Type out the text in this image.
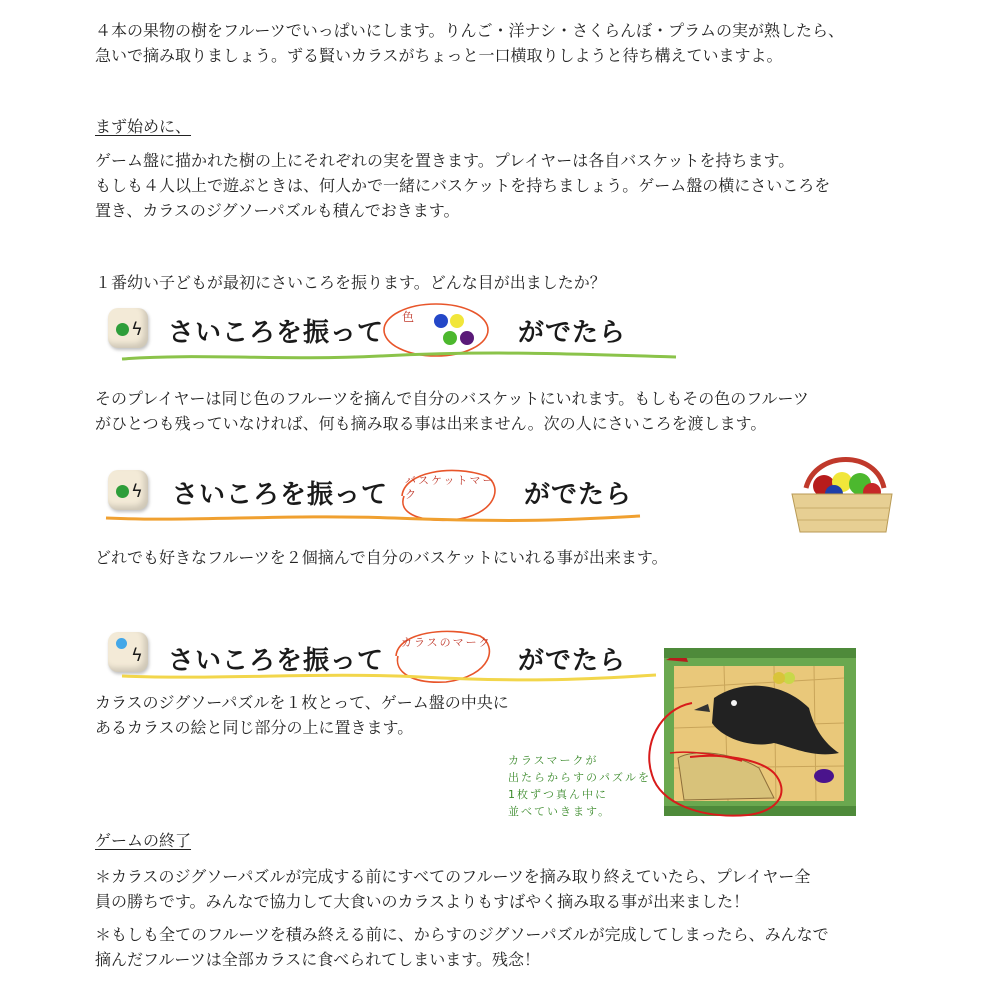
４本の果物の樹をフルーツでいっぱいにします。りんご・洋ナシ・さくらんぼ・プラムの実が熟したら、
急いで摘み取りましょう。ずる賢いカラスがちょっと一口横取りしようと待ち構えていますよ。
まず始めに、
ゲーム盤に描かれた樹の上にそれぞれの実を置きます。プレイヤーは各自バスケットを持ちます。
もしも４人以上で遊ぶときは、何人かで一緒にバスケットを持ちましょう。ゲーム盤の横にさいころを
置き、カラスのジグソーパズルも積んでおきます。
１番幼い子どもが最初にさいころを振ります。どんな目が出ましたか？
ϟ さいころを振って
色
がでたら
そのプレイヤーは同じ色のフルーツを摘んで自分のバスケットにいれます。もしもその色のフルーツ
がひとつも残っていなければ、何も摘み取る事は出来ません。次の人にさいころを渡します。
ϟ さいころを振って バスケットマーク	がでたら
どれでも好きなフルーツを２個摘んで自分のバスケットにいれる事が出来ます。
ϟ さいころを振って
カラスのマーク
がでたら
カラスのジグソーパズルを１枚とって、ゲーム盤の中央に
あるカラスの絵と同じ部分の上に置きます。
カラスマークが
出たらからすのパズルを
1枚ずつ真ん中に
並べていきます。
ゲームの終了
＊カラスのジグソーパズルが完成する前にすべてのフルーツを摘み取り終えていたら、プレイヤー全
員の勝ちです。みんなで協力して大食いのカラスよりもすばやく摘み取る事が出来ました！
＊もしも全てのフルーツを積み終える前に、からすのジグソーパズルが完成してしまったら、みんなで
摘んだフルーツは全部カラスに食べられてしまいます。残念！
